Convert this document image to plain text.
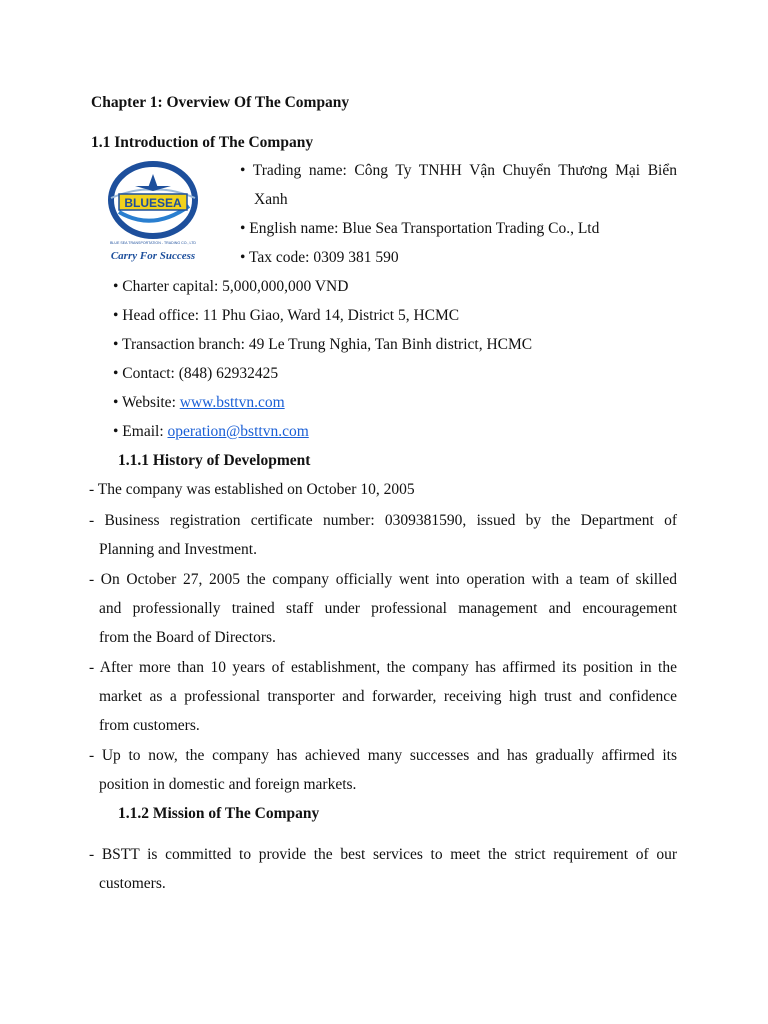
Chapter 1: Overview Of The Company
1.1 Introduction of The Company
BLUESEA
BLUE SEA TRANSPORTATION - TRADING CO., LTD
Carry For Success
• Trading name: Công Ty TNHH Vận Chuyển Thương Mại Biển
Xanh
• English name: Blue Sea Transportation Trading Co., Ltd
• Tax code: 0309 381 590
• Charter capital: 5,000,000,000 VND
• Head office: 11 Phu Giao, Ward 14, District 5, HCMC
• Transaction branch: 49 Le Trung Nghia, Tan Binh district, HCMC
• Contact: (848) 62932425
• Website: www.bsttvn.com
• Email: operation@bsttvn.com
1.1.1 History of Development
- The company was established on October 10, 2005
- Business registration certificate number: 0309381590, issued by the Department of
Planning and Investment.
- On October 27, 2005 the company officially went into operation with a team of skilled
and professionally trained staff under professional management and encouragement
from the Board of Directors.
- After more than 10 years of establishment, the company has affirmed its position in the
market as a professional transporter and forwarder, receiving high trust and confidence
from customers.
- Up to now, the company has achieved many successes and has gradually affirmed its
position in domestic and foreign markets.
1.1.2 Mission of The Company
- BSTT is committed to provide the best services to meet the strict requirement of our
customers.
